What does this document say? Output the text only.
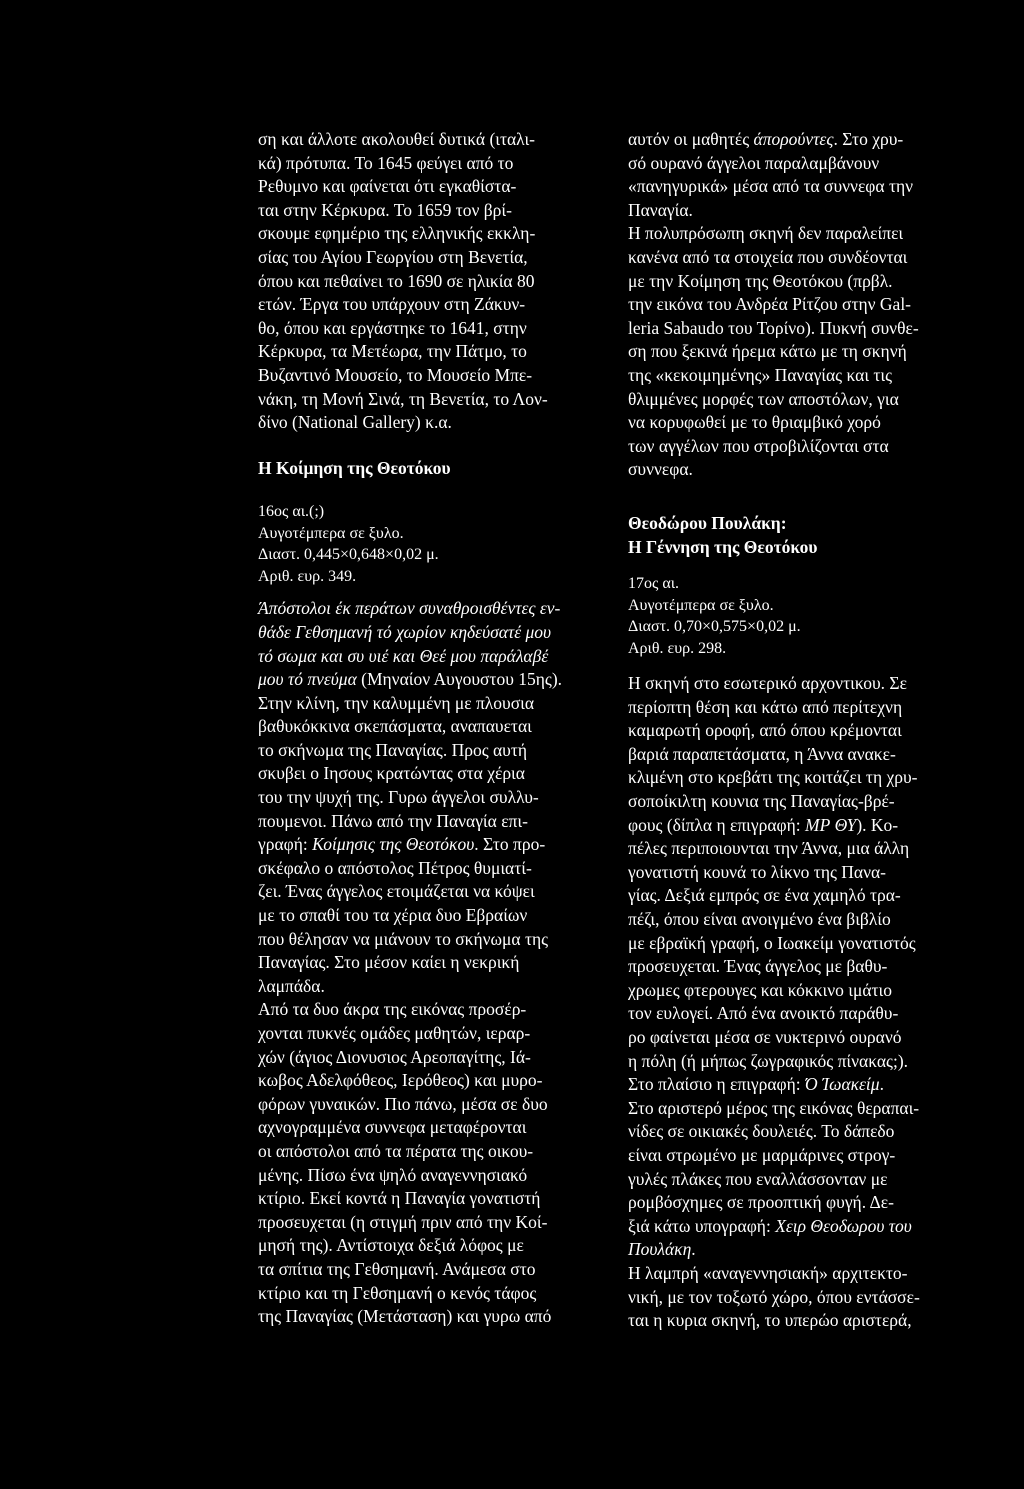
ση και άλλοτε ακολουθεί δυτικά (ιταλι-
κά) πρότυπα. Το 1645 φεύγει από το
Ρεθυμνο και φαίνεται ότι εγκαθίστα-
ται στην Κέρκυρα. Το 1659 τον βρί-
σκουμε εφημέριο της ελληνικής εκκλη-
σίας του Αγίου Γεωργίου στη Βενετία,
όπου και πεθαίνει το 1690 σε ηλικία 80
ετών. Έργα του υπάρχουν στη Ζάκυν-
θο, όπου και εργάστηκε το 1641, στην
Κέρκυρα, τα Μετέωρα, την Πάτμο, το
Βυζαντινό Μουσείο, το Μουσείο Μπε-
νάκη, τη Μονή Σινά, τη Βενετία, το Λον-
δίνο (National Gallery) κ.α.

Η Κοίμηση της Θεοτόκου

16ος αι.(;)
Αυγοτέμπερα σε ξυλο.
Διαστ. 0,445×0,648×0,02 μ.
Αριθ. ευρ. 349.

Άπόστολοι έκ περάτων συναθροισθέντες εν-
θάδε Γεθσημανή τό χωρίον κηδεύσατέ μου
τό σωμα και συ υιέ και Θεέ μου παράλαβέ
μου τό πνεύμα (Μηναίον Αυγουστου 15ης).
Στην κλίνη, την καλυμμένη με πλουσια
βαθυκόκκινα σκεπάσματα, αναπαυεται
το σκήνωμα της Παναγίας. Προς αυτή
σκυβει ο Ιησους κρατώντας στα χέρια
του την ψυχή της. Γυρω άγγελοι συλλυ-
πουμενοι. Πάνω από την Παναγία επι-
γραφή: Κοίμησις της Θεοτόκου. Στο προ-
σκέφαλο ο απόστολος Πέτρος θυμιατί-
ζει. Ένας άγγελος ετοιμάζεται να κόψει
με το σπαθί του τα χέρια δυο Εβραίων
που θέλησαν να μιάνουν το σκήνωμα της
Παναγίας. Στο μέσον καίει η νεκρική
λαμπάδα.
Από τα δυο άκρα της εικόνας προσέρ-
χονται πυκνές ομάδες μαθητών, ιεραρ-
χών (άγιος Διονυσιος Αρεοπαγίτης, Ιά-
κωβος Αδελφόθεος, Ιερόθεος) και μυρο-
φόρων γυναικών. Πιο πάνω, μέσα σε δυο
αχνογραμμένα συννεφα μεταφέρονται
οι απόστολοι από τα πέρατα της οικου-
μένης. Πίσω ένα ψηλό αναγεννησιακό
κτίριο. Εκεί κοντά η Παναγία γονατιστή
προσευχεται (η στιγμή πριν από την Κοί-
μησή της). Αντίστοιχα δεξιά λόφος με
τα σπίτια της Γεθσημανή. Ανάμεσα στο
κτίριο και τη Γεθσημανή ο κενός τάφος
της Παναγίας (Μετάσταση) και γυρω από

αυτόν οι μαθητές άπορούντες. Στο χρυ-
σό ουρανό άγγελοι παραλαμβάνουν
«πανηγυρικά» μέσα από τα συννεφα την
Παναγία.
Η πολυπρόσωπη σκηνή δεν παραλείπει
κανένα από τα στοιχεία που συνδέονται
με την Κοίμηση της Θεοτόκου (πρβλ.
την εικόνα του Ανδρέα Ρίτζου στην Gal-
leria Sabaudo του Τορίνο). Πυκνή συνθε-
ση που ξεκινά ήρεμα κάτω με τη σκηνή
της «κεκοιμημένης» Παναγίας και τις
θλιμμένες μορφές των αποστόλων, για
να κορυφωθεί με το θριαμβικό χορό
των αγγέλων που στροβιλίζονται στα
συννεφα.

Θεοδώρου Πουλάκη:

Η Γέννηση της Θεοτόκου

17ος αι.
Αυγοτέμπερα σε ξυλο.
Διαστ. 0,70×0,575×0,02 μ.
Αριθ. ευρ. 298.

Η σκηνή στο εσωτερικό αρχοντικου. Σε
περίοπτη θέση και κάτω από περίτεχνη
καμαρωτή οροφή, από όπου κρέμονται
βαριά παραπετάσματα, η Άννα ανακε-
κλιμένη στο κρεβάτι της κοιτάζει τη χρυ-
σοποίκιλτη κουνια της Παναγίας-βρέ-
φους (δίπλα η επιγραφή: ΜΡ ΘΥ). Κο-
πέλες περιποιουνται την Άννα, μια άλλη
γονατιστή κουνά το λίκνο της Πανα-
γίας. Δεξιά εμπρός σε ένα χαμηλό τρα-
πέζι, όπου είναι ανοιγμένο ένα βιβλίο
με εβραϊκή γραφή, ο Ιωακείμ γονατιστός
προσευχεται. Ένας άγγελος με βαθυ-
χρωμες φτερουγες και κόκκινο ιμάτιο
τον ευλογεί. Από ένα ανοικτό παράθυ-
ρο φαίνεται μέσα σε νυκτερινό ουρανό
η πόλη (ή μήπως ζωγραφικός πίνακας;).
Στο πλαίσιο η επιγραφή: Ό Ίωακείμ.
Στο αριστερό μέρος της εικόνας θεραπαι-
νίδες σε οικιακές δουλειές. Το δάπεδο
είναι στρωμένο με μαρμάρινες στρογ-
γυλές πλάκες που εναλλάσσονταν με
ρομβόσχημες σε προοπτική φυγή. Δε-
ξιά κάτω υπογραφή: Χειρ Θεοδωρου του
Πουλάκη.
Η λαμπρή «αναγεννησιακή» αρχιτεκτο-
νική, με τον τοξωτό χώρο, όπου εντάσσε-
ται η κυρια σκηνή, το υπερώο αριστερά,
